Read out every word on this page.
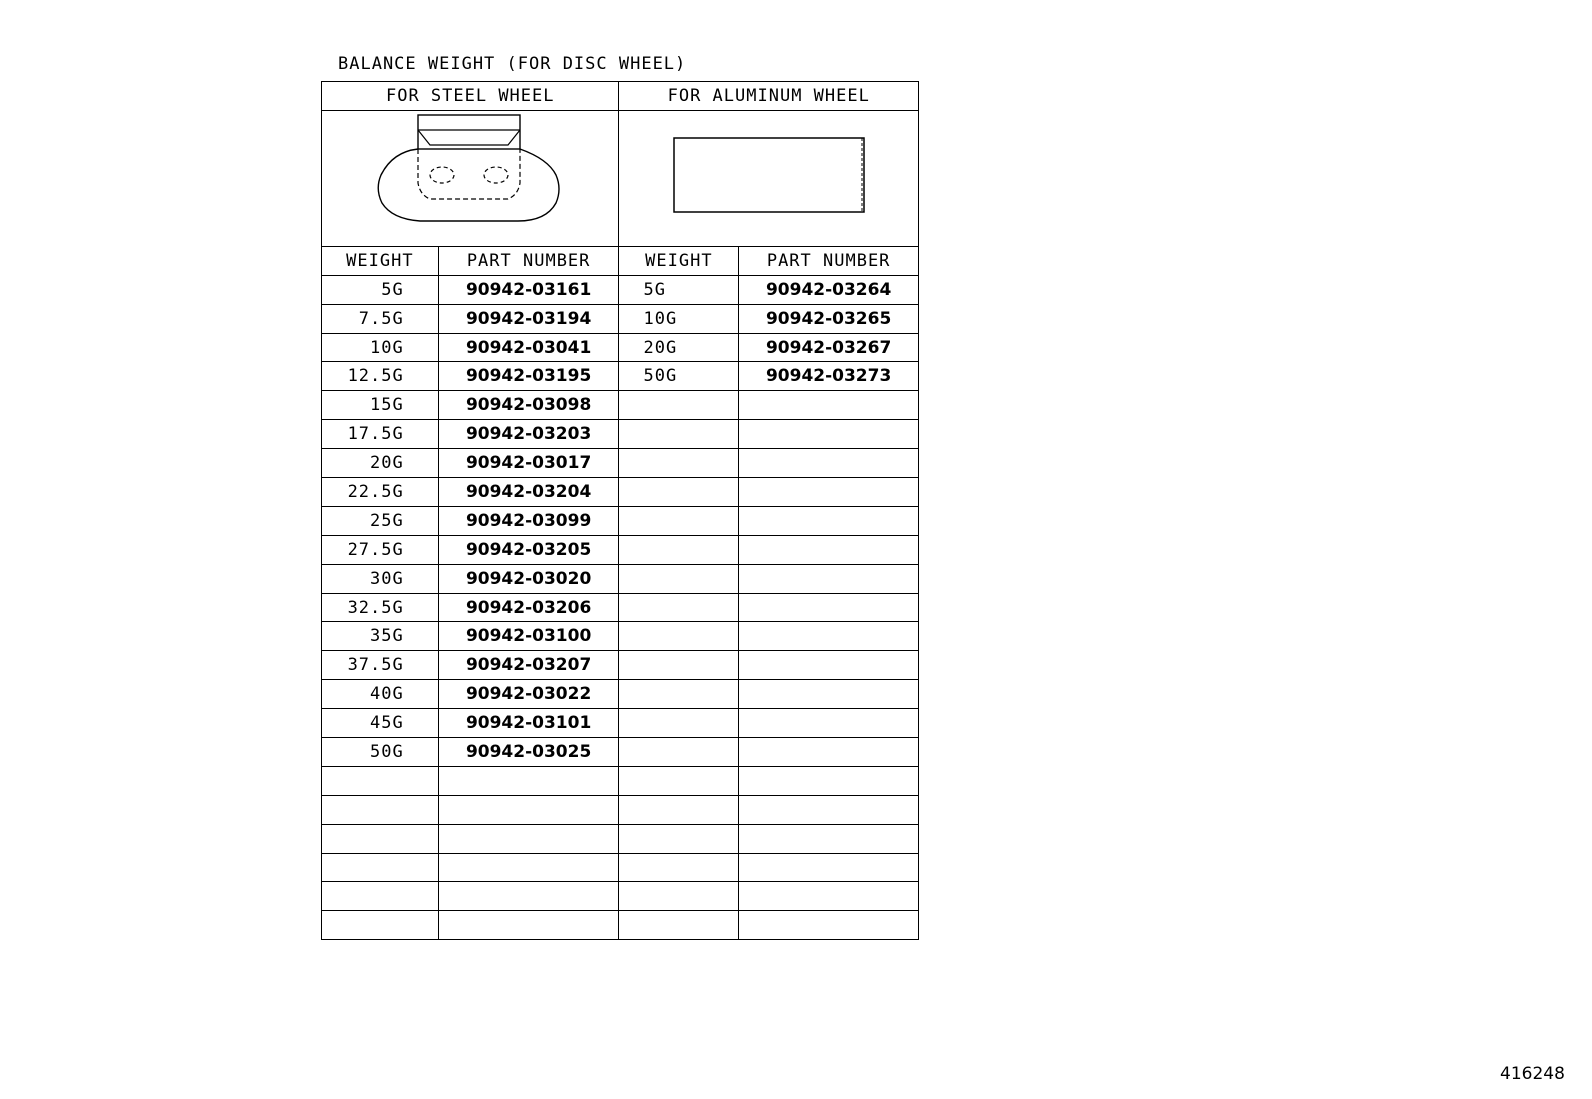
BALANCE WEIGHT (FOR DISC WHEEL)
FOR STEEL WHEEL		FOR ALUMINUM WHEEL	

WEIGHT	PART NUMBER	WEIGHT	PART NUMBER
5G	90942-03161	5G	90942-03264
7.5G	90942-03194	10G	90942-03265
10G	90942-03041	20G	90942-03267
12.5G	90942-03195	50G	90942-03273
15G	90942-03098		
17.5G	90942-03203		
20G	90942-03017		
22.5G	90942-03204		
25G	90942-03099		
27.5G	90942-03205		
30G	90942-03020		
32.5G	90942-03206		
35G	90942-03100		
37.5G	90942-03207		
40G	90942-03022		
45G	90942-03101		
50G	90942-03025		

416248
